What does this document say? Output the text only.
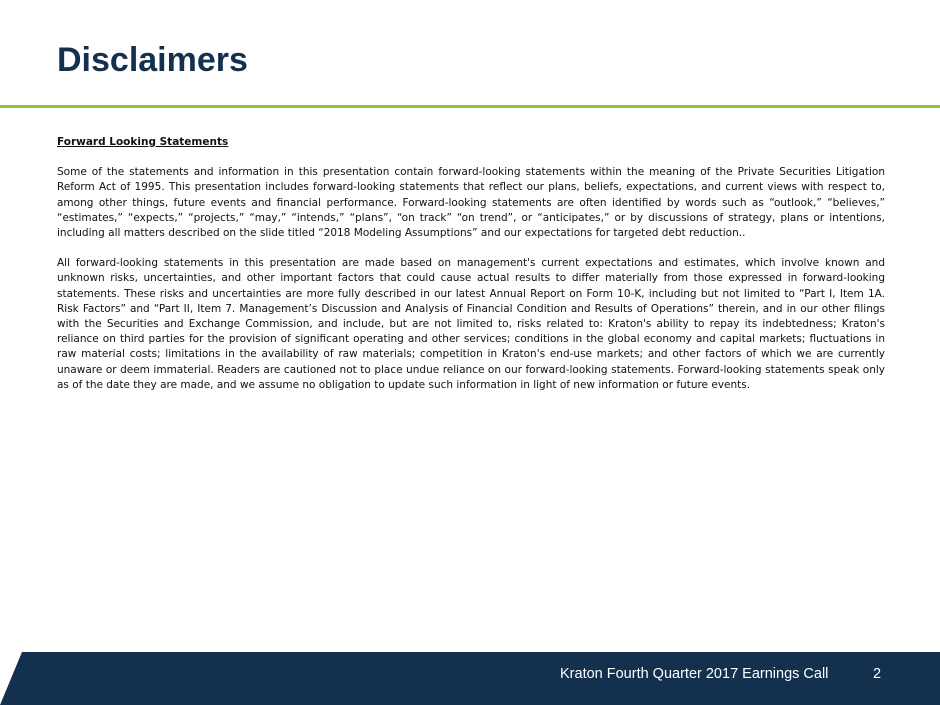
Disclaimers
Forward Looking Statements

Some of the statements and information in this presentation contain forward-looking statements within the meaning of the Private Securities Litigation Reform Act of 1995. This presentation includes forward-looking statements that reflect our plans, beliefs, expectations, and current views with respect to, among other things, future events and financial performance. Forward-looking statements are often identified by words such as “outlook,” “believes,” “estimates,” “expects,” “projects,” “may,” “intends,” “plans”, “on track” “on trend”, or “anticipates,” or by discussions of strategy, plans or intentions, including all matters described on the slide titled “2018 Modeling Assumptions” and our expectations for targeted debt reduction..

All forward-looking statements in this presentation are made based on management's current expectations and estimates, which involve known and unknown risks, uncertainties, and other important factors that could cause actual results to differ materially from those expressed in forward-looking statements. These risks and uncertainties are more fully described in our latest Annual Report on Form 10-K, including but not limited to “Part I, Item 1A. Risk Factors” and “Part II, Item 7. Management’s Discussion and Analysis of Financial Condition and Results of Operations” therein, and in our other filings with the Securities and Exchange Commission, and include, but are not limited to, risks related to: Kraton's ability to repay its indebtedness; Kraton's reliance on third parties for the provision of significant operating and other services; conditions in the global economy and capital markets; fluctuations in raw material costs; limitations in the availability of raw materials; competition in Kraton's end-use markets; and other factors of which we are currently unaware or deem immaterial. Readers are cautioned not to place undue reliance on our forward-looking statements. Forward-looking statements speak only as of the date they are made, and we assume no obligation to update such information in light of new information or future events.

Kraton Fourth Quarter 2017 Earnings Call	2
